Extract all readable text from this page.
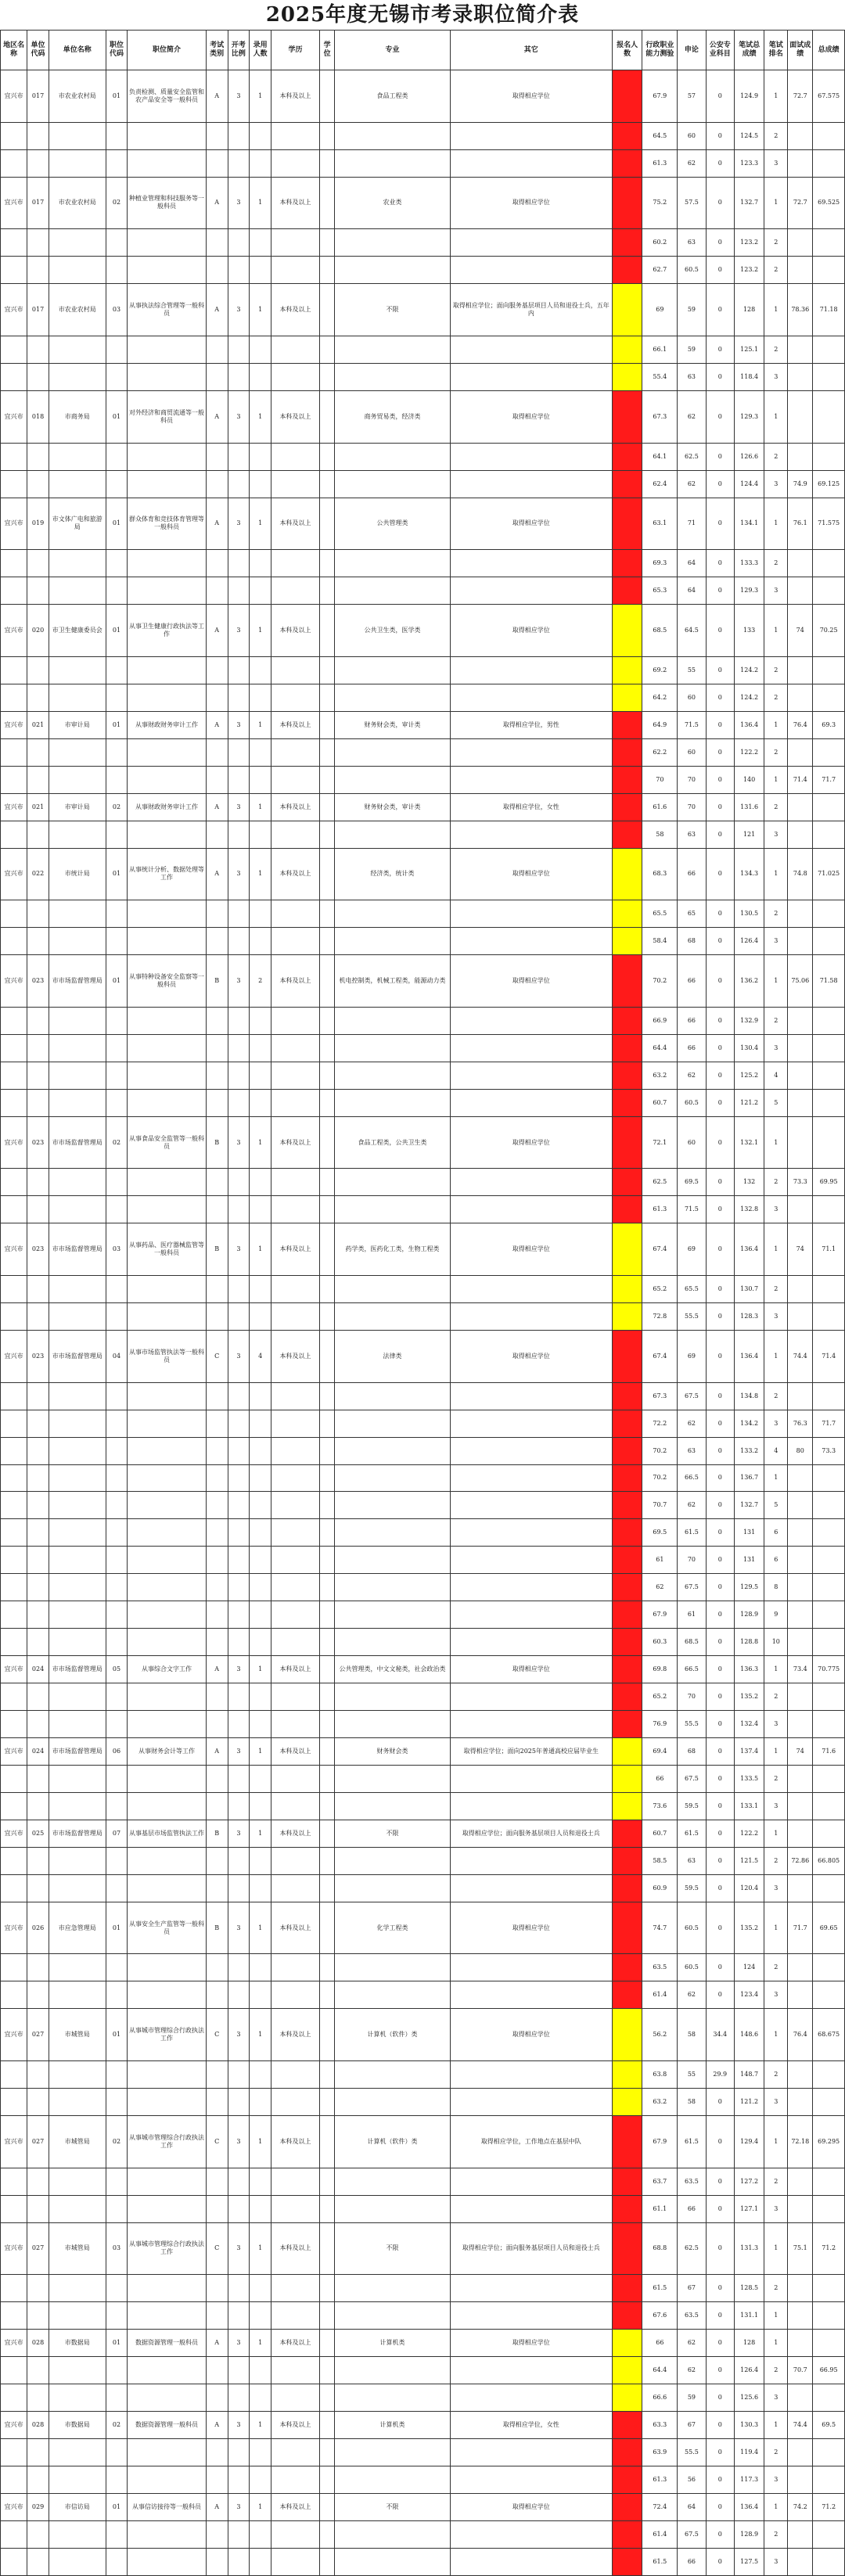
2025年度无锡市考录职位简介表
地区名称	单位代码	单位名称	职位代码	职位简介	考试类别	开考比例	录用人数	学历	学位	专业	其它	报名人数	行政职业能力测验	申论	公安专业科目	笔试总成绩	笔试排名	面试成绩	总成绩
宜兴市	017	市农业农村局	01	负责检测、质量安全监管和农产品安全等一般科员	A	3	1	本科及以上		食品工程类	取得相应学位		67.9	57	0	124.9	1	72.7	67.575
													64.5	60	0	124.5	2		
													61.3	62	0	123.3	3		
宜兴市	017	市农业农村局	02	种植业管理和科技服务等一般科员	A	3	1	本科及以上		农业类	取得相应学位		75.2	57.5	0	132.7	1	72.7	69.525
													60.2	63	0	123.2	2		
													62.7	60.5	0	123.2	2		
宜兴市	017	市农业农村局	03	从事执法综合管理等一般科员	A	3	1	本科及以上		不限	取得相应学位；面向服务基层项目人员和退役士兵，五年内		69	59	0	128	1	78.36	71.18
													66.1	59	0	125.1	2		
													55.4	63	0	118.4	3		
宜兴市	018	市商务局	01	对外经济和商贸流通等一般科员	A	3	1	本科及以上		商务贸易类，经济类	取得相应学位		67.3	62	0	129.3	1		
													64.1	62.5	0	126.6	2		
													62.4	62	0	124.4	3	74.9	69.125
宜兴市	019	市文体广电和旅游局	01	群众体育和竞技体育管理等一般科员	A	3	1	本科及以上		公共管理类	取得相应学位		63.1	71	0	134.1	1	76.1	71.575
													69.3	64	0	133.3	2		
													65.3	64	0	129.3	3		
宜兴市	020	市卫生健康委员会	01	从事卫生健康行政执法等工作	A	3	1	本科及以上		公共卫生类，医学类	取得相应学位		68.5	64.5	0	133	1	74	70.25
													69.2	55	0	124.2	2		
													64.2	60	0	124.2	2		
宜兴市	021	市审计局	01	从事财政财务审计工作	A	3	1	本科及以上		财务财会类，审计类	取得相应学位，男性		64.9	71.5	0	136.4	1	76.4	69.3
													62.2	60	0	122.2	2		
													70	70	0	140	1	71.4	71.7
宜兴市	021	市审计局	02	从事财政财务审计工作	A	3	1	本科及以上		财务财会类，审计类	取得相应学位，女性		61.6	70	0	131.6	2		
													58	63	0	121	3		
宜兴市	022	市统计局	01	从事统计分析、数据处理等工作	A	3	1	本科及以上		经济类，统计类	取得相应学位		68.3	66	0	134.3	1	74.8	71.025
													65.5	65	0	130.5	2		
													58.4	68	0	126.4	3		
宜兴市	023	市市场监督管理局	01	从事特种设备安全监察等一般科员	B	3	2	本科及以上		机电控制类，机械工程类，能源动力类	取得相应学位		70.2	66	0	136.2	1	75.06	71.58
													66.9	66	0	132.9	2		
													64.4	66	0	130.4	3		
													63.2	62	0	125.2	4		
													60.7	60.5	0	121.2	5		
宜兴市	023	市市场监督管理局	02	从事食品安全监管等一般科员	B	3	1	本科及以上		食品工程类，公共卫生类	取得相应学位		72.1	60	0	132.1	1		
													62.5	69.5	0	132	2	73.3	69.95
													61.3	71.5	0	132.8	3		
宜兴市	023	市市场监督管理局	03	从事药品、医疗器械监管等一般科员	B	3	1	本科及以上		药学类，医药化工类，生物工程类	取得相应学位		67.4	69	0	136.4	1	74	71.1
													65.2	65.5	0	130.7	2		
													72.8	55.5	0	128.3	3		
宜兴市	023	市市场监督管理局	04	从事市场监管执法等一般科员	C	3	4	本科及以上		法律类	取得相应学位		67.4	69	0	136.4	1	74.4	71.4
													67.3	67.5	0	134.8	2		
													72.2	62	0	134.2	3	76.3	71.7
													70.2	63	0	133.2	4	80	73.3
													70.2	66.5	0	136.7	1		
													70.7	62	0	132.7	5		
													69.5	61.5	0	131	6		
													61	70	0	131	6		
													62	67.5	0	129.5	8		
													67.9	61	0	128.9	9		
													60.3	68.5	0	128.8	10		
宜兴市	024	市市场监督管理局	05	从事综合文字工作	A	3	1	本科及以上		公共管理类，中文文秘类，社会政治类	取得相应学位		69.8	66.5	0	136.3	1	73.4	70.775
													65.2	70	0	135.2	2		
													76.9	55.5	0	132.4	3		
宜兴市	024	市市场监督管理局	06	从事财务会计等工作	A	3	1	本科及以上		财务财会类	取得相应学位；面向2025年普通高校应届毕业生		69.4	68	0	137.4	1	74	71.6
													66	67.5	0	133.5	2		
													73.6	59.5	0	133.1	3		
宜兴市	025	市市场监督管理局	07	从事基层市场监管执法工作	B	3	1	本科及以上		不限	取得相应学位；面向服务基层项目人员和退役士兵		60.7	61.5	0	122.2	1		
													58.5	63	0	121.5	2	72.86	66.805
													60.9	59.5	0	120.4	3		
宜兴市	026	市应急管理局	01	从事安全生产监管等一般科员	B	3	1	本科及以上		化学工程类	取得相应学位		74.7	60.5	0	135.2	1	71.7	69.65
													63.5	60.5	0	124	2		
													61.4	62	0	123.4	3		
宜兴市	027	市城管局	01	从事城市管理综合行政执法工作	C	3	1	本科及以上		计算机（软件）类	取得相应学位		56.2	58	34.4	148.6	1	76.4	68.675
													63.8	55	29.9	148.7	2		
													63.2	58	0	121.2	3		
宜兴市	027	市城管局	02	从事城市管理综合行政执法工作	C	3	1	本科及以上		计算机（软件）类	取得相应学位，工作地点在基层中队		67.9	61.5	0	129.4	1	72.18	69.295
													63.7	63.5	0	127.2	2		
													61.1	66	0	127.1	3		
宜兴市	027	市城管局	03	从事城市管理综合行政执法工作	C	3	1	本科及以上		不限	取得相应学位；面向服务基层项目人员和退役士兵		68.8	62.5	0	131.3	1	75.1	71.2
													61.5	67	0	128.5	2		
													67.6	63.5	0	131.1	1		
宜兴市	028	市数据局	01	数据资源管理一般科员	A	3	1	本科及以上		计算机类	取得相应学位		66	62	0	128	1		
													64.4	62	0	126.4	2	70.7	66.95
													66.6	59	0	125.6	3		
宜兴市	028	市数据局	02	数据资源管理一般科员	A	3	1	本科及以上		计算机类	取得相应学位，女性		63.3	67	0	130.3	1	74.4	69.5
													63.9	55.5	0	119.4	2		
													61.3	56	0	117.3	3		
宜兴市	029	市信访局	01	从事信访接待等一般科员	A	3	1	本科及以上		不限	取得相应学位		72.4	64	0	136.4	1	74.2	71.2
													61.4	67.5	0	128.9	2		
													61.5	66	0	127.5	3		
